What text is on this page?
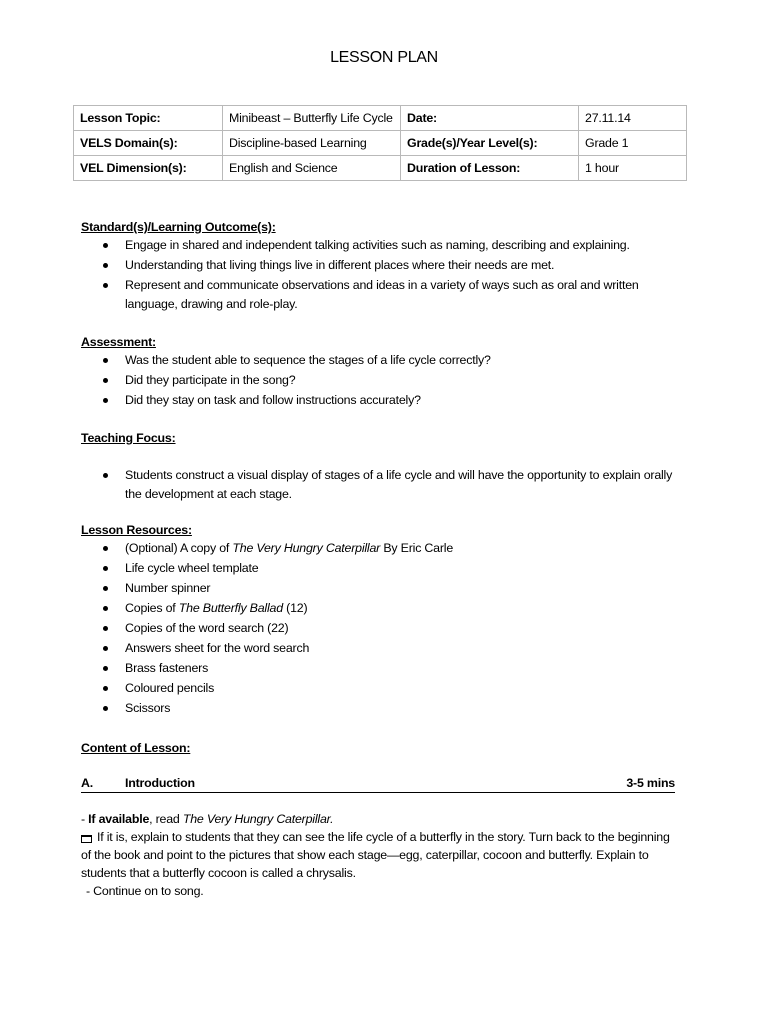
LESSON PLAN
Lesson Topic:	Minibeast – Butterfly Life Cycle	Date:	27.11.14
VELS Domain(s):	Discipline-based Learning	Grade(s)/Year Level(s):	Grade 1
VEL Dimension(s):	English and Science	Duration of Lesson:	1 hour
Standard(s)/Learning Outcome(s):
Engage in shared and independent talking activities such as naming, describing and explaining.
Understanding that living things live in different places where their needs are met.
Represent and communicate observations and ideas in a variety of ways such as oral and written language, drawing and role-play.
Assessment:
Was the student able to sequence the stages of a life cycle correctly?
Did they participate in the song?
Did they stay on task and follow instructions accurately?
Teaching Focus:
Students construct a visual display of stages of a life cycle and will have the opportunity to explain orally the development at each stage.
Lesson Resources:
(Optional) A copy of The Very Hungry Caterpillar By Eric Carle
Life cycle wheel template
Number spinner
Copies of The Butterfly Ballad (12)
Copies of the word search (22)
Answers sheet for the word search
Brass fasteners
Coloured pencils
Scissors
Content of Lesson:
A.	Introduction	3-5 mins
- If available, read The Very Hungry Caterpillar.
If it is, explain to students that they can see the life cycle of a butterfly in the story. Turn back to the beginning of the book and point to the pictures that show each stage—egg, caterpillar, cocoon and butterfly. Explain to students that a butterfly cocoon is called a chrysalis.
- Continue on to song.
